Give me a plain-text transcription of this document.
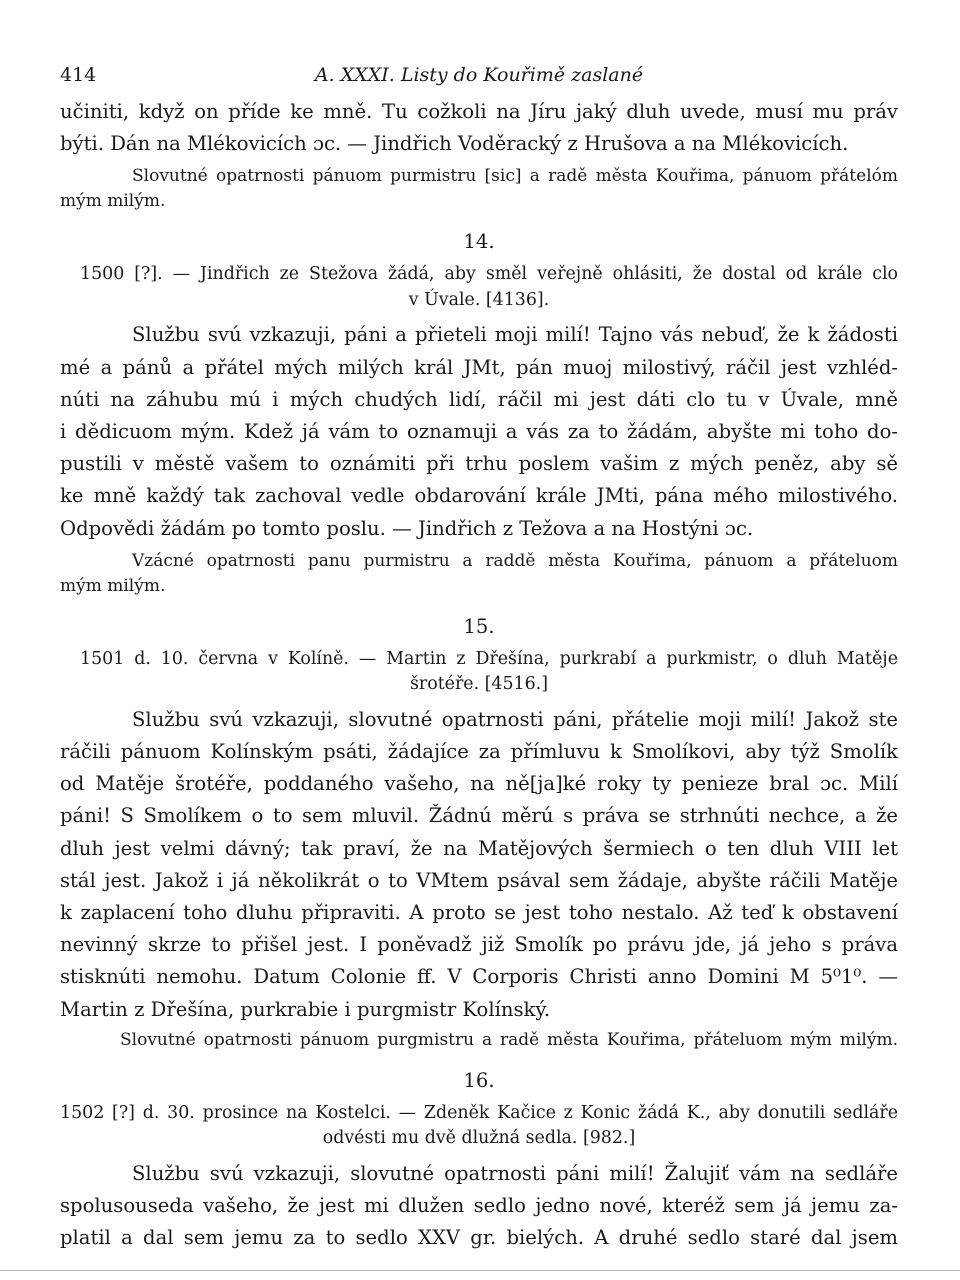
414	A. XXXI. Listy do Kouřimě zaslané

učiniti, když on příde ke mně. Tu cožkoli na Jíru jaký dluh uvede, musí mu práv

býti. Dán na Mlékovicích ɔc. — Jindřich Voděracký z Hrušova a na Mlékovicích.

Slovutné opatrnosti pánuom purmistru [sic] a radě města Kouřima, pánuom přátelóm

mým milým.

14.

1500 [?]. — Jindřich ze Stežova žádá, aby směl veřejně ohlásiti, že dostal od krále clo

v Úvale. [4136].

Službu svú vzkazuji, páni a přieteli moji milí! Tajno vás nebuď, že k žádosti

mé a pánů a přátel mých milých král JMt, pán muoj milostivý, ráčil jest vzhléd-

núti na záhubu mú i mých chudých lidí, ráčil mi jest dáti clo tu v Úvale, mně

i dědicuom mým. Kdež já vám to oznamuji a vás za to žádám, abyšte mi toho do-

pustili v městě vašem to oznámiti při trhu poslem vašim z mých peněz, aby sě

ke mně každý tak zachoval vedle obdarování krále JMti, pána mého milostivého.

Odpovědi žádám po tomto poslu. — Jindřich z Težova a na Hostýni ɔc.

Vzácné opatrnosti panu purmistru a raddě města Kouřima, pánuom a přáteluom

mým milým.

15.

1501 d. 10. června v Kolíně. — Martin z Dřešína, purkrabí a purkmistr, o dluh Matěje

šrotéře. [4516.]

Službu svú vzkazuji, slovutné opatrnosti páni, přátelie moji milí! Jakož ste

ráčili pánuom Kolínským psáti, žádajíce za přímluvu k Smolíkovi, aby týž Smolík

od Matěje šrotéře, poddaného vašeho, na ně[ja]ké roky ty penieze bral ɔc. Milí

páni! S Smolíkem o to sem mluvil. Žádnú měrú s práva se strhnúti nechce, a že

dluh jest velmi dávný; tak praví, že na Matějových šermiech o ten dluh VIII let

stál jest. Jakož i já několikrát o to VMtem psával sem žádaje, abyšte ráčili Matěje

k zaplacení toho dluhu připraviti. A proto se jest toho nestalo. Až teď k obstavení

nevinný skrze to přišel jest. I poněvadž již Smolík po právu jde, já jeho s práva

stisknúti nemohu. Datum Colonie ff. V Corporis Christi anno Domini M 5⁰1⁰. —

Martin z Dřešína, purkrabie i purgmistr Kolínský.

Slovutné opatrnosti pánuom purgmistru a radě města Kouřima, přáteluom mým milým.

16.

1502 [?] d. 30. prosince na Kostelci. — Zdeněk Kačice z Konic žádá K., aby donutili sedláře

odvésti mu dvě dlužná sedla. [982.]

Službu svú vzkazuji, slovutné opatrnosti páni milí! Žalujiť vám na sedláře

spolusouseda vašeho, že jest mi dlužen sedlo jedno nové, kteréž sem já jemu za-

platil a dal sem jemu za to sedlo XXV gr. bielých. A druhé sedlo staré dal jsem
